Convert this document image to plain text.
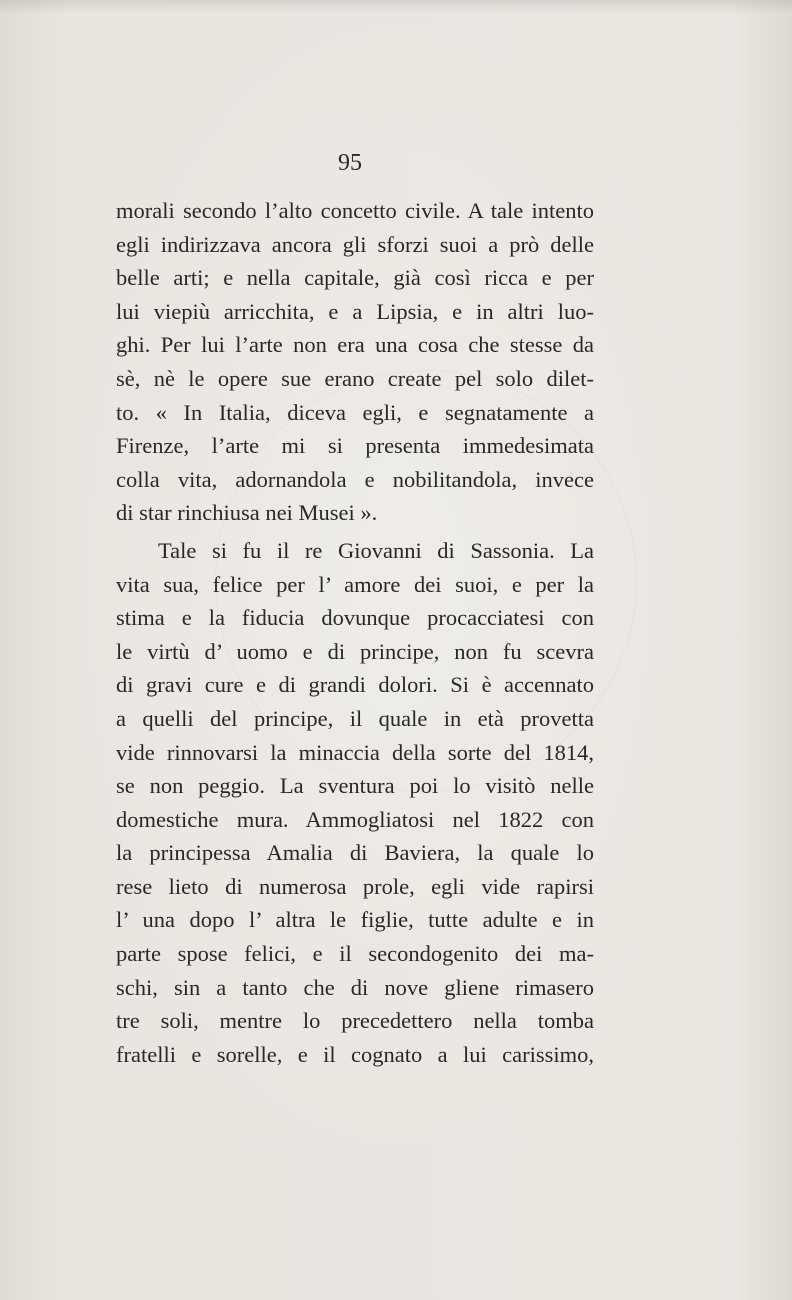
95
morali secondo l’alto concetto civile. A tale intento
egli indirizzava ancora gli sforzi suoi a prò delle
belle arti; e nella capitale, già così ricca e per
lui viepiù arricchita, e a Lipsia, e in altri luo-
ghi. Per lui l’arte non era una cosa che stesse da
sè, nè le opere sue erano create pel solo dilet-
to. « In Italia, diceva egli, e segnatamente a
Firenze, l’arte mi si presenta immedesimata
colla vita, adornandola e nobilitandola, invece
di star rinchiusa nei Musei ».
Tale si fu il re Giovanni di Sassonia. La
vita sua, felice per l’ amore dei suoi, e per la
stima e la fiducia dovunque procacciatesi con
le virtù d’ uomo e di principe, non fu scevra
di gravi cure e di grandi dolori. Si è accennato
a quelli del principe, il quale in età provetta
vide rinnovarsi la minaccia della sorte del 1814,
se non peggio. La sventura poi lo visitò nelle
domestiche mura. Ammogliatosi nel 1822 con
la principessa Amalia di Baviera, la quale lo
rese lieto di numerosa prole, egli vide rapirsi
l’ una dopo l’ altra le figlie, tutte adulte e in
parte spose felici, e il secondogenito dei ma-
schi, sin a tanto che di nove gliene rimasero
tre soli, mentre lo precedettero nella tomba
fratelli e sorelle, e il cognato a lui carissimo,
